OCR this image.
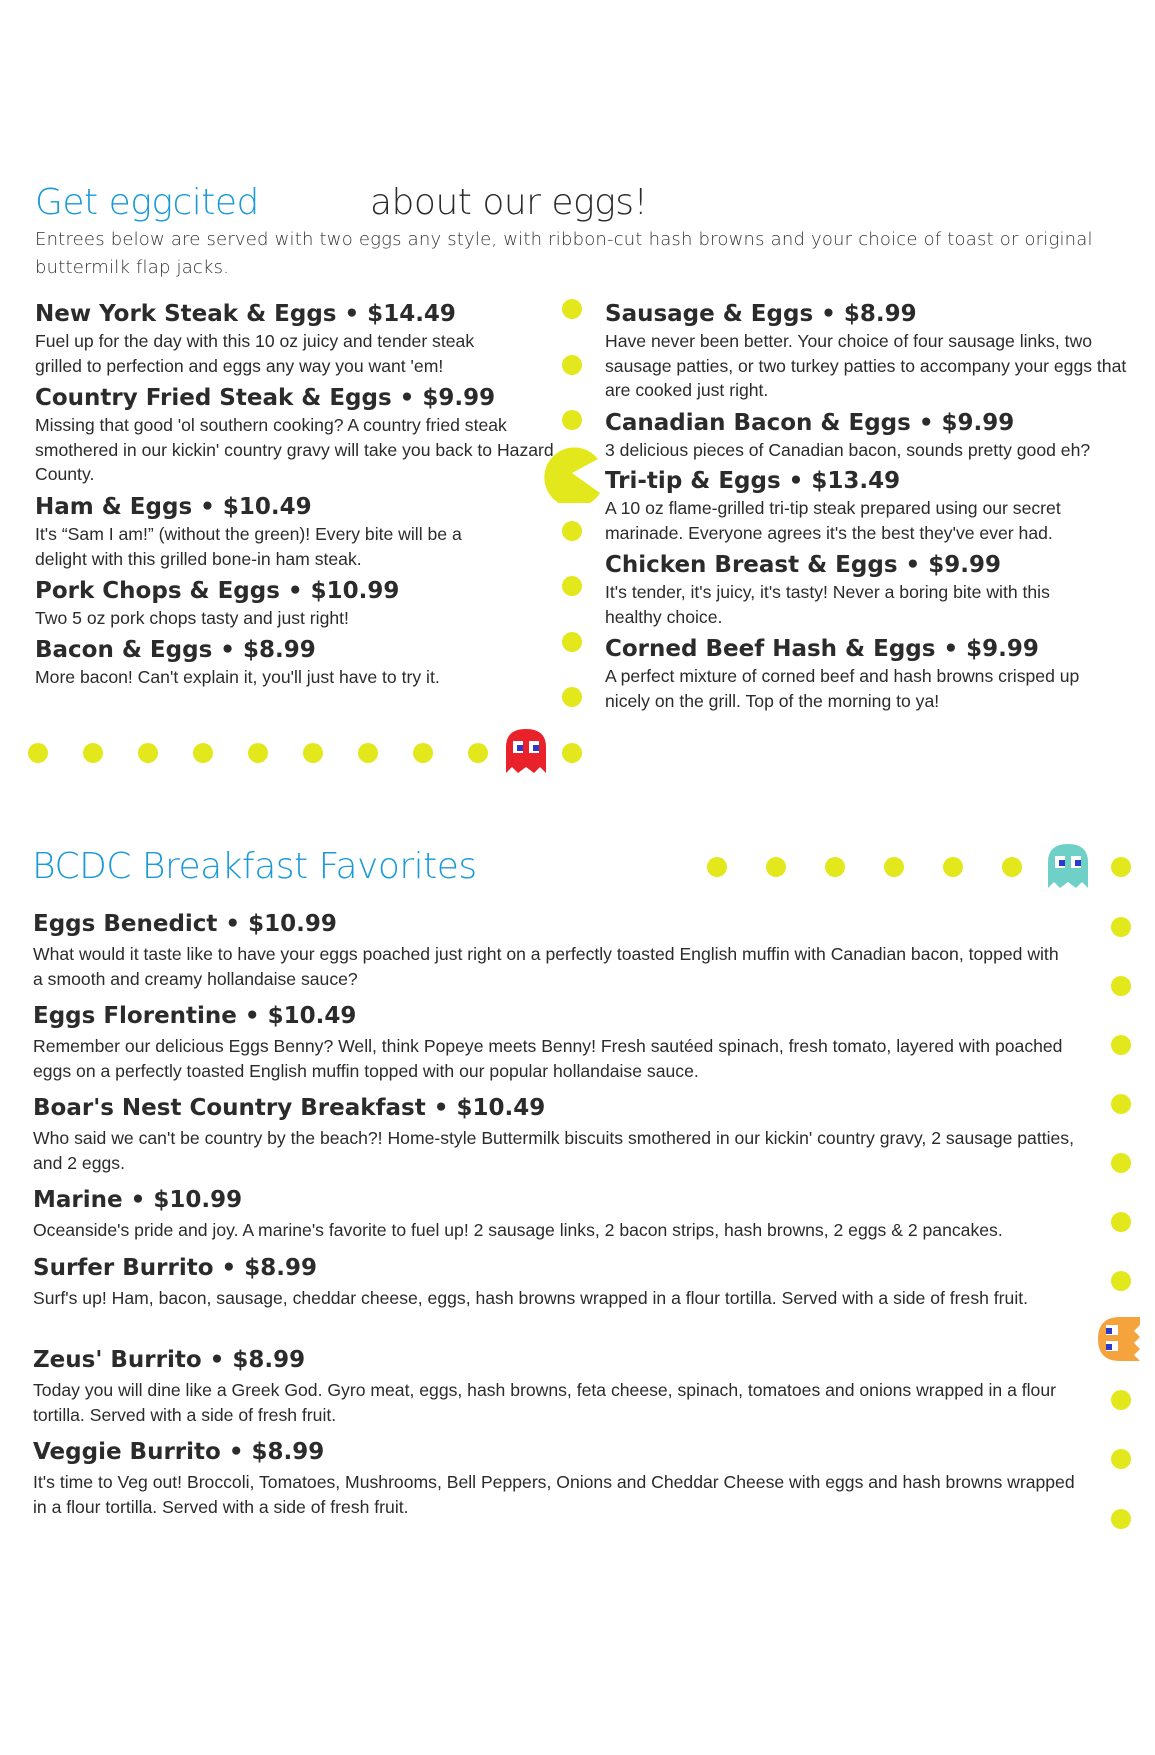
Get eggcited	about our eggs!
Entrees below are served with two eggs any style, with ribbon-cut hash browns and your choice of toast or original buttermilk flap jacks.
New York Steak & Eggs • $14.49
Fuel up for the day with this 10 oz juicy and tender steak grilled to perfection and eggs any way you want 'em!
Country Fried Steak & Eggs • $9.99
Missing that good 'ol southern cooking? A country fried steak smothered in our kickin' country gravy will take you back to Hazard County.
Ham & Eggs • $10.49
It's “Sam I am!” (without the green)! Every bite will be a delight with this grilled bone-in ham steak.
Pork Chops & Eggs • $10.99
Two 5 oz pork chops tasty and just right!
Bacon & Eggs • $8.99
More bacon! Can't explain it, you'll just have to try it.
Sausage & Eggs • $8.99
Have never been better. Your choice of four sausage links, two sausage patties, or two turkey patties to accompany your eggs that are cooked just right.
Canadian Bacon & Eggs • $9.99
3 delicious pieces of Canadian bacon, sounds pretty good eh?
Tri-tip & Eggs • $13.49
A 10 oz flame-grilled tri-tip steak prepared using our secret marinade. Everyone agrees it's the best they've ever had.
Chicken Breast & Eggs • $9.99
It's tender, it's juicy, it's tasty! Never a boring bite with this healthy choice.
Corned Beef Hash & Eggs • $9.99
A perfect mixture of corned beef and hash browns crisped up nicely on the grill. Top of the morning to ya!
BCDC Breakfast Favorites
Eggs Benedict • $10.99
What would it taste like to have your eggs poached just right on a perfectly toasted English muffin with Canadian bacon, topped with a smooth and creamy hollandaise sauce?
Eggs Florentine • $10.49
Remember our delicious Eggs Benny? Well, think Popeye meets Benny! Fresh sautéed spinach, fresh tomato, layered with poached eggs on a perfectly toasted English muffin topped with our popular hollandaise sauce.
Boar's Nest Country Breakfast • $10.49
Who said we can't be country by the beach?! Home-style Buttermilk biscuits smothered in our kickin' country gravy, 2 sausage patties, and 2 eggs.
Marine • $10.99
Oceanside's pride and joy. A marine's favorite to fuel up! 2 sausage links, 2 bacon strips, hash browns, 2 eggs & 2 pancakes.
Surfer Burrito • $8.99
Surf's up! Ham, bacon, sausage, cheddar cheese, eggs, hash browns wrapped in a flour tortilla. Served with a side of fresh fruit.
Zeus' Burrito • $8.99
Today you will dine like a Greek God. Gyro meat, eggs, hash browns, feta cheese, spinach, tomatoes and onions wrapped in a flour tortilla. Served with a side of fresh fruit.
Veggie Burrito • $8.99
It's time to Veg out! Broccoli, Tomatoes, Mushrooms, Bell Peppers, Onions and Cheddar Cheese with eggs and hash browns wrapped in a flour tortilla. Served with a side of fresh fruit.
